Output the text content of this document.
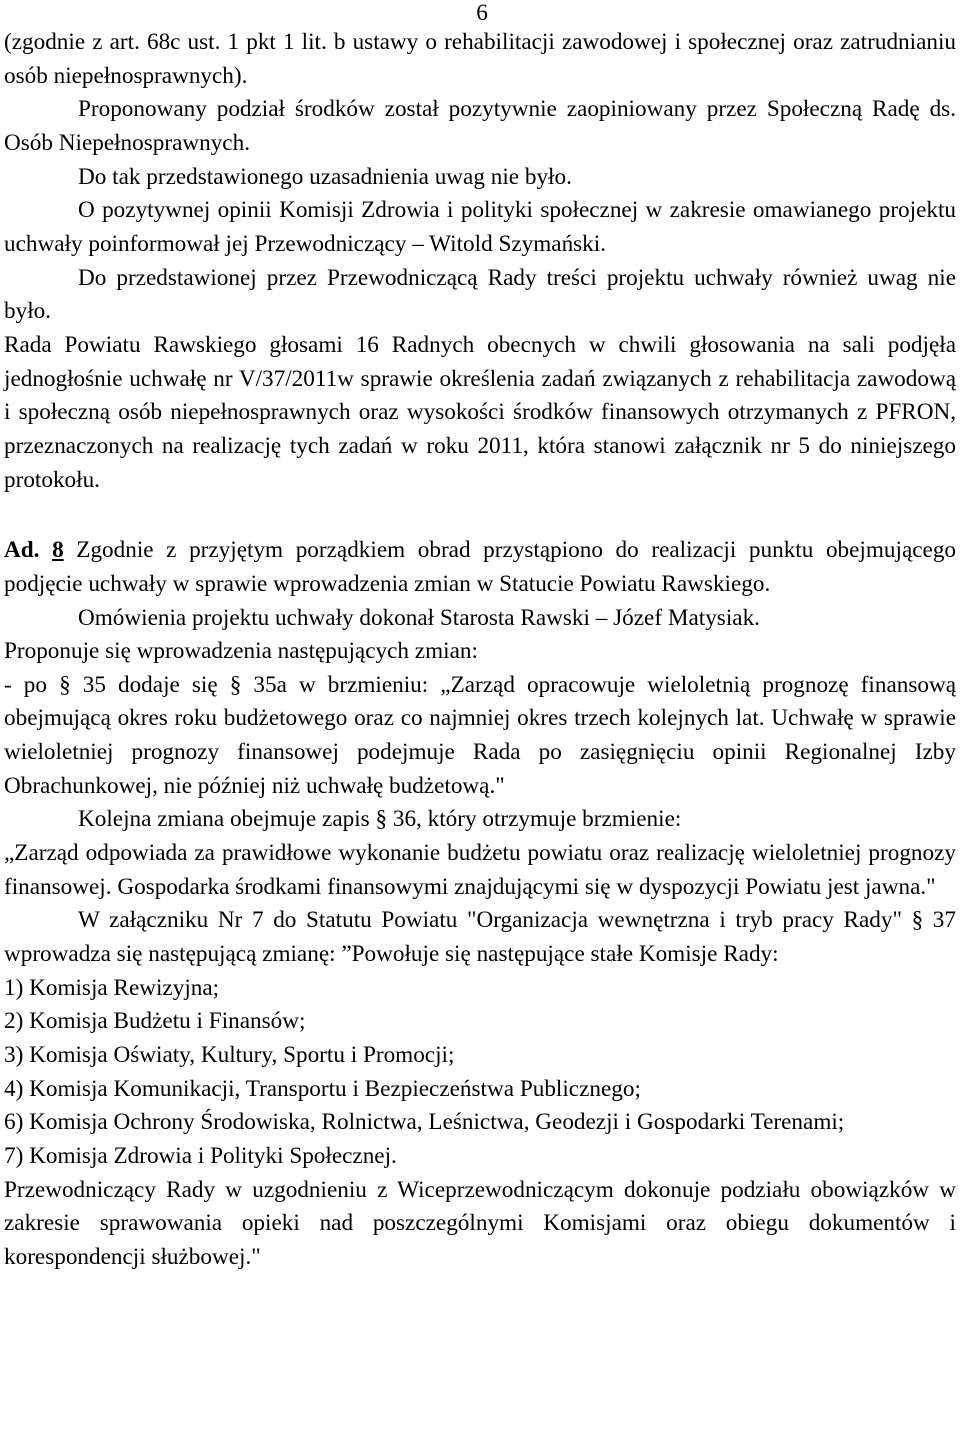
6

(zgodnie z art. 68c ust. 1 pkt 1 lit. b ustawy o rehabilitacji zawodowej i społecznej oraz zatrudnianiu osób niepełnosprawnych).

Proponowany podział środków został pozytywnie zaopiniowany przez Społeczną Radę ds. Osób Niepełnosprawnych.

Do tak przedstawionego uzasadnienia uwag nie było.

O pozytywnej opinii Komisji Zdrowia i polityki społecznej w zakresie omawianego projektu uchwały poinformował jej Przewodniczący – Witold Szymański.

Do przedstawionej przez Przewodniczącą Rady treści projektu uchwały również uwag nie było.

Rada Powiatu Rawskiego głosami 16 Radnych obecnych w chwili głosowania na sali podjęła jednogłośnie uchwałę nr V/37/2011w sprawie określenia zadań związanych z rehabilitacja zawodową i społeczną osób niepełnosprawnych oraz wysokości środków finansowych otrzymanych z PFRON, przeznaczonych na realizację tych zadań w roku 2011, która stanowi załącznik nr 5 do niniejszego protokołu.

Ad. 8 Zgodnie z przyjętym porządkiem obrad przystąpiono do realizacji punktu obejmującego podjęcie uchwały w sprawie wprowadzenia zmian w Statucie Powiatu Rawskiego.

Omówienia projektu uchwały dokonał Starosta Rawski – Józef Matysiak.

Proponuje się wprowadzenia następujących zmian:

- po § 35 dodaje się § 35a w brzmieniu: „Zarząd opracowuje wieloletnią prognozę finansową obejmującą okres roku budżetowego oraz co najmniej okres trzech kolejnych lat. Uchwałę w sprawie wieloletniej prognozy finansowej podejmuje Rada po zasięgnięciu opinii Regionalnej Izby Obrachunkowej, nie później niż uchwałę budżetową."

Kolejna zmiana obejmuje zapis § 36, który otrzymuje brzmienie:

„Zarząd odpowiada za prawidłowe wykonanie budżetu powiatu oraz realizację wieloletniej prognozy finansowej. Gospodarka środkami finansowymi znajdującymi się w dyspozycji Powiatu jest jawna."

W załączniku Nr 7 do Statutu Powiatu "Organizacja wewnętrzna i tryb pracy Rady" § 37 wprowadza się następującą zmianę: ”Powołuje się następujące stałe Komisje Rady:

1) Komisja Rewizyjna;

2) Komisja Budżetu i Finansów;

3) Komisja Oświaty, Kultury, Sportu i Promocji;

4) Komisja Komunikacji, Transportu i Bezpieczeństwa Publicznego;

6) Komisja Ochrony Środowiska, Rolnictwa, Leśnictwa, Geodezji i Gospodarki Terenami;

7) Komisja Zdrowia i Polityki Społecznej.

Przewodniczący Rady w uzgodnieniu z Wiceprzewodniczącym dokonuje podziału obowiązków w zakresie sprawowania opieki nad poszczególnymi Komisjami oraz obiegu dokumentów i korespondencji służbowej."
